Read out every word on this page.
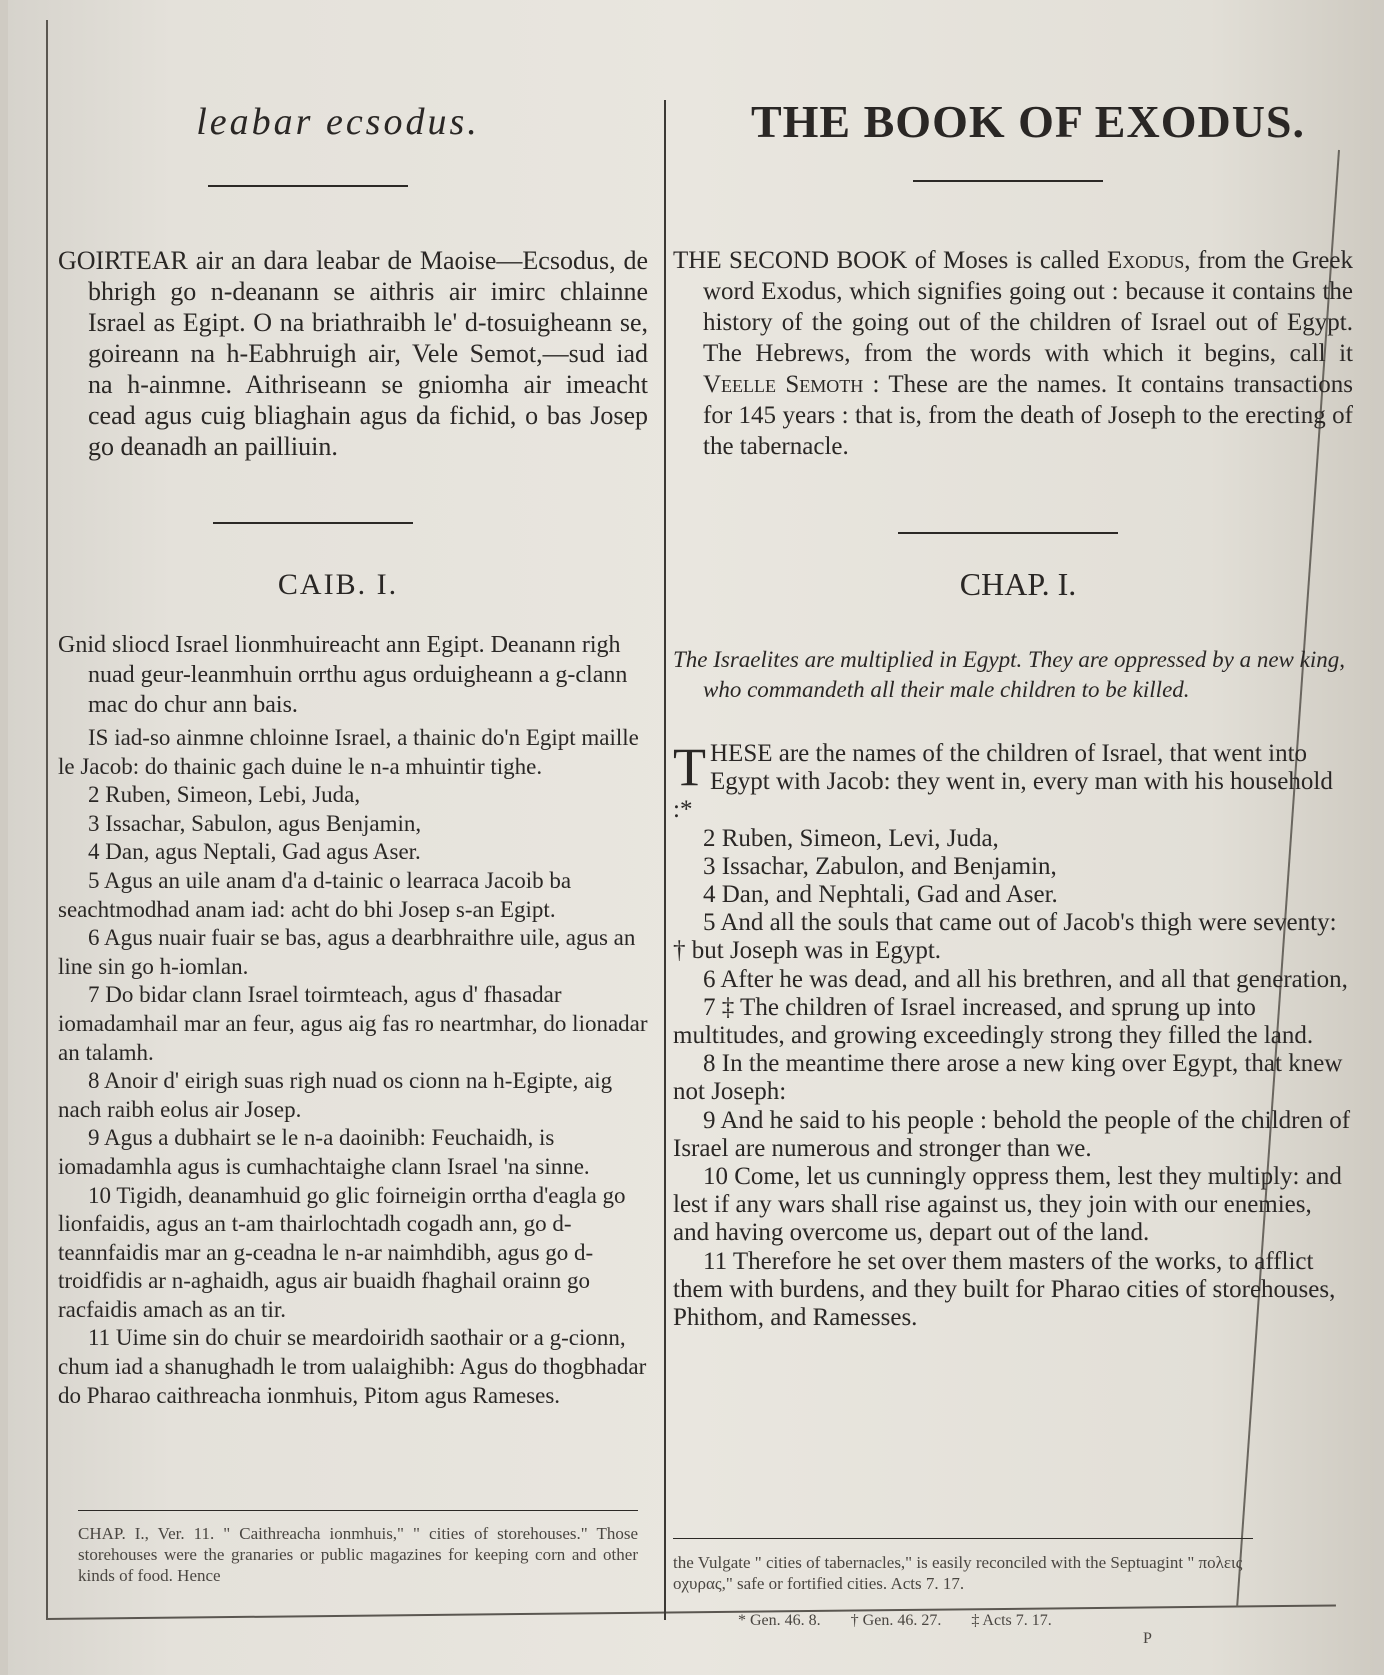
leabar ecsodus.	THE BOOK OF EXODUS.

GOIRTEAR air an dara leabar de Maoise—Ecsodus, de bhrigh go n-deanann se aithris air imirc chlainne Israel as Egipt. O na briathraibh le' d-tosuigheann se, goireann na h-Eabhruigh air, Vele Semot,—sud iad na h-ainmne. Aithriseann se gniomha air imeacht cead agus cuig bliaghain agus da fichid, o bas Josep go deanadh an pailliuin.

THE SECOND BOOK of Moses is called Exodus, from the Greek word Exodus, which signifies going out : because it contains the history of the going out of the children of Israel out of Egypt. The Hebrews, from the words with which it begins, call it Veelle Semoth : These are the names. It contains transactions for 145 years : that is, from the death of Joseph to the erecting of the tabernacle.

CAIB. I.	CHAP. I.

Gnid sliocd Israel lionmhuireacht ann Egipt. Deanann righ nuad geur-leanmhuin orrthu agus orduigheann a g-clann mac do chur ann bais.

The Israelites are multiplied in Egypt. They are oppressed by a new king, who commandeth all their male children to be killed.

IS iad-so ainmne chloinne Israel, a thainic do'n Egipt maille le Jacob: do thainic gach duine le n-a mhuintir tighe.

2 Ruben, Simeon, Lebi, Juda,

3 Issachar, Sabulon, agus Benjamin,

4 Dan, agus Neptali, Gad agus Aser.

5 Agus an uile anam d'a d-tainic o learraca Jacoib ba seachtmodhad anam iad: acht do bhi Josep s-an Egipt.

6 Agus nuair fuair se bas, agus a dearbhraithre uile, agus an line sin go h-iomlan.

7 Do bidar clann Israel toirmteach, agus d' fhasadar iomadamhail mar an feur, agus aig fas ro neartmhar, do lionadar an talamh.

8 Anoir d' eirigh suas righ nuad os cionn na h-Egipte, aig nach raibh eolus air Josep.

9 Agus a dubhairt se le n-a daoinibh: Feuchaidh, is iomadamhla agus is cumhachtaighe clann Israel 'na sinne.

10 Tigidh, deanamhuid go glic foirneigin orrtha d'eagla go lionfaidis, agus an t-am thairlochtadh cogadh ann, go d-teannfaidis mar an g-ceadna le n-ar naimhdibh, agus go d-troidfidis ar n-aghaidh, agus air buaidh fhaghail orainn go racfaidis amach as an tir.

11 Uime sin do chuir se meardoiridh saothair or a g-cionn, chum iad a shanughadh le trom ualaighibh: Agus do thogbhadar do Pharao caithreacha ionmhuis, Pitom agus Rameses.

THESE are the names of the children of Israel, that went into Egypt with Jacob: they went in, every man with his household :*

2 Ruben, Simeon, Levi, Juda,

3 Issachar, Zabulon, and Benjamin,

4 Dan, and Nephtali, Gad and Aser.

5 And all the souls that came out of Jacob's thigh were seventy: † but Joseph was in Egypt.

6 After he was dead, and all his brethren, and all that generation,

7 ‡ The children of Israel increased, and sprung up into multitudes, and growing exceedingly strong they filled the land.

8 In the meantime there arose a new king over Egypt, that knew not Joseph:

9 And he said to his people : behold the people of the children of Israel are numerous and stronger than we.

10 Come, let us cunningly oppress them, lest they multiply: and lest if any wars shall rise against us, they join with our enemies, and having overcome us, depart out of the land.

11 Therefore he set over them masters of the works, to afflict them with burdens, and they built for Pharao cities of storehouses, Phithom, and Ramesses.

CHAP. I., Ver. 11. " Caithreacha ionmhuis," " cities of storehouses." Those storehouses were the granaries or public magazines for keeping corn and other kinds of food. Hence
the Vulgate " cities of tabernacles," is easily reconciled with the Septuagint " πολεις οχυρας," safe or fortified cities. Acts 7. 17.
* Gen. 46. 8. † Gen. 46. 27. ‡ Acts 7. 17.
P
